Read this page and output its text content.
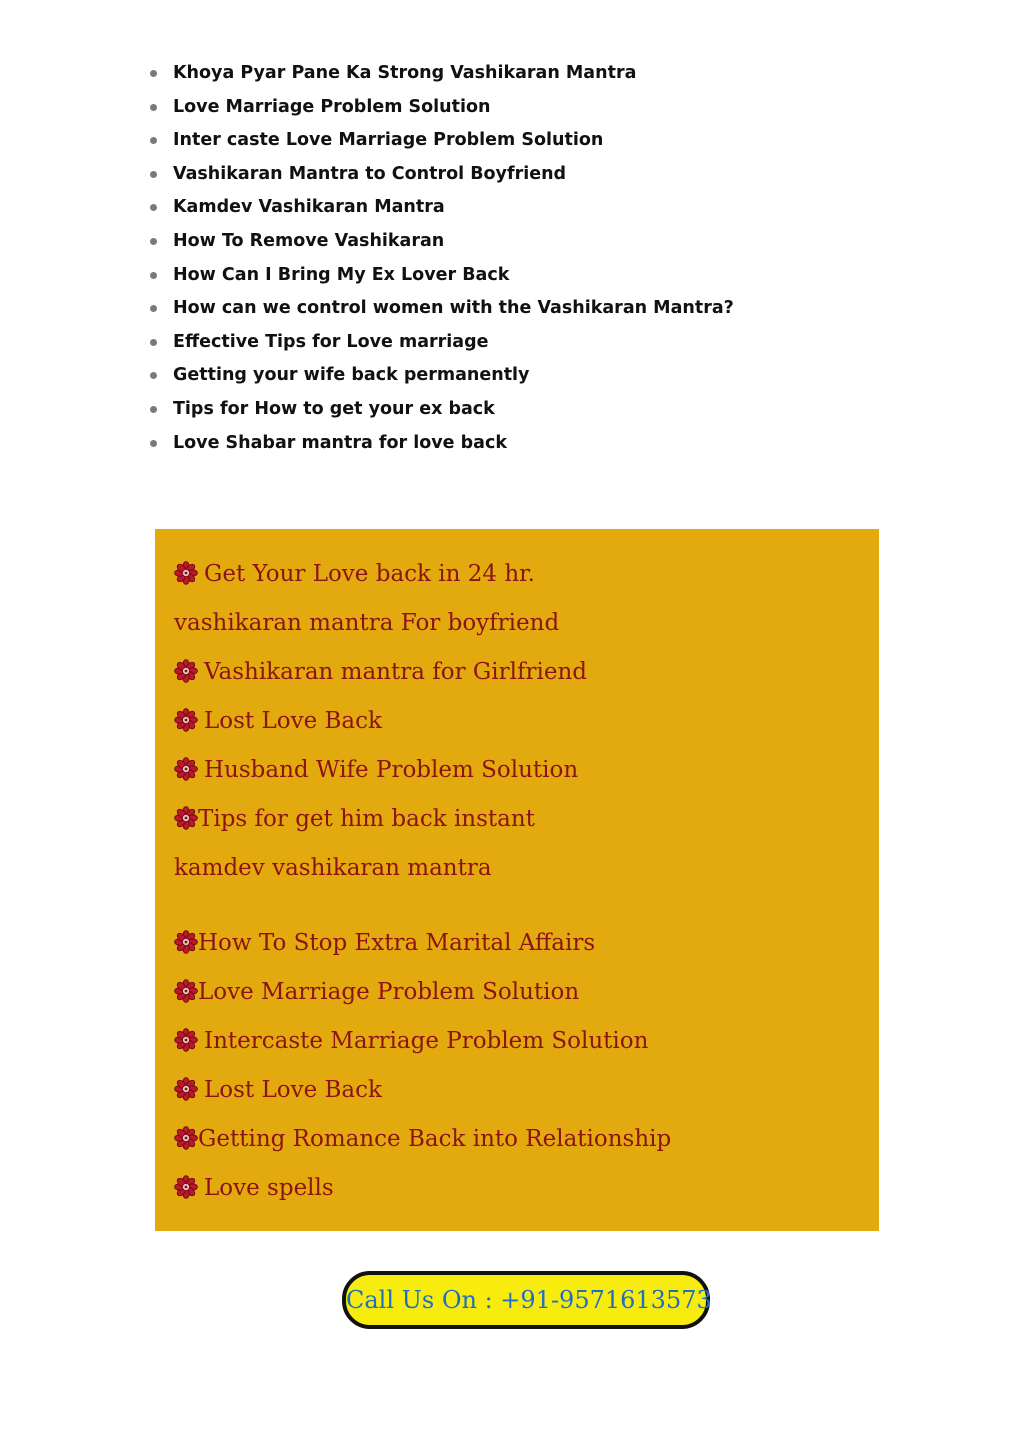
Khoya Pyar Pane Ka Strong Vashikaran Mantra
Love Marriage Problem Solution
Inter caste Love Marriage Problem Solution
Vashikaran Mantra to Control Boyfriend
Kamdev Vashikaran Mantra
How To Remove Vashikaran
How Can I Bring My Ex Lover Back
How can we control women with the Vashikaran Mantra?
Effective Tips for Love marriage
Getting your wife back permanently
Tips for How to get your ex back
Love Shabar mantra for love back
Get Your Love back in 24 hr.
vashikaran mantra For boyfriend
Vashikaran mantra for Girlfriend
Lost Love Back
Husband Wife Problem Solution
Tips for get him back instant
kamdev vashikaran mantra
How To Stop Extra Marital Affairs
Love Marriage Problem Solution
Intercaste Marriage Problem Solution
Lost Love Back
Getting Romance Back into Relationship
Love spells
Call Us On : +91-9571613573
